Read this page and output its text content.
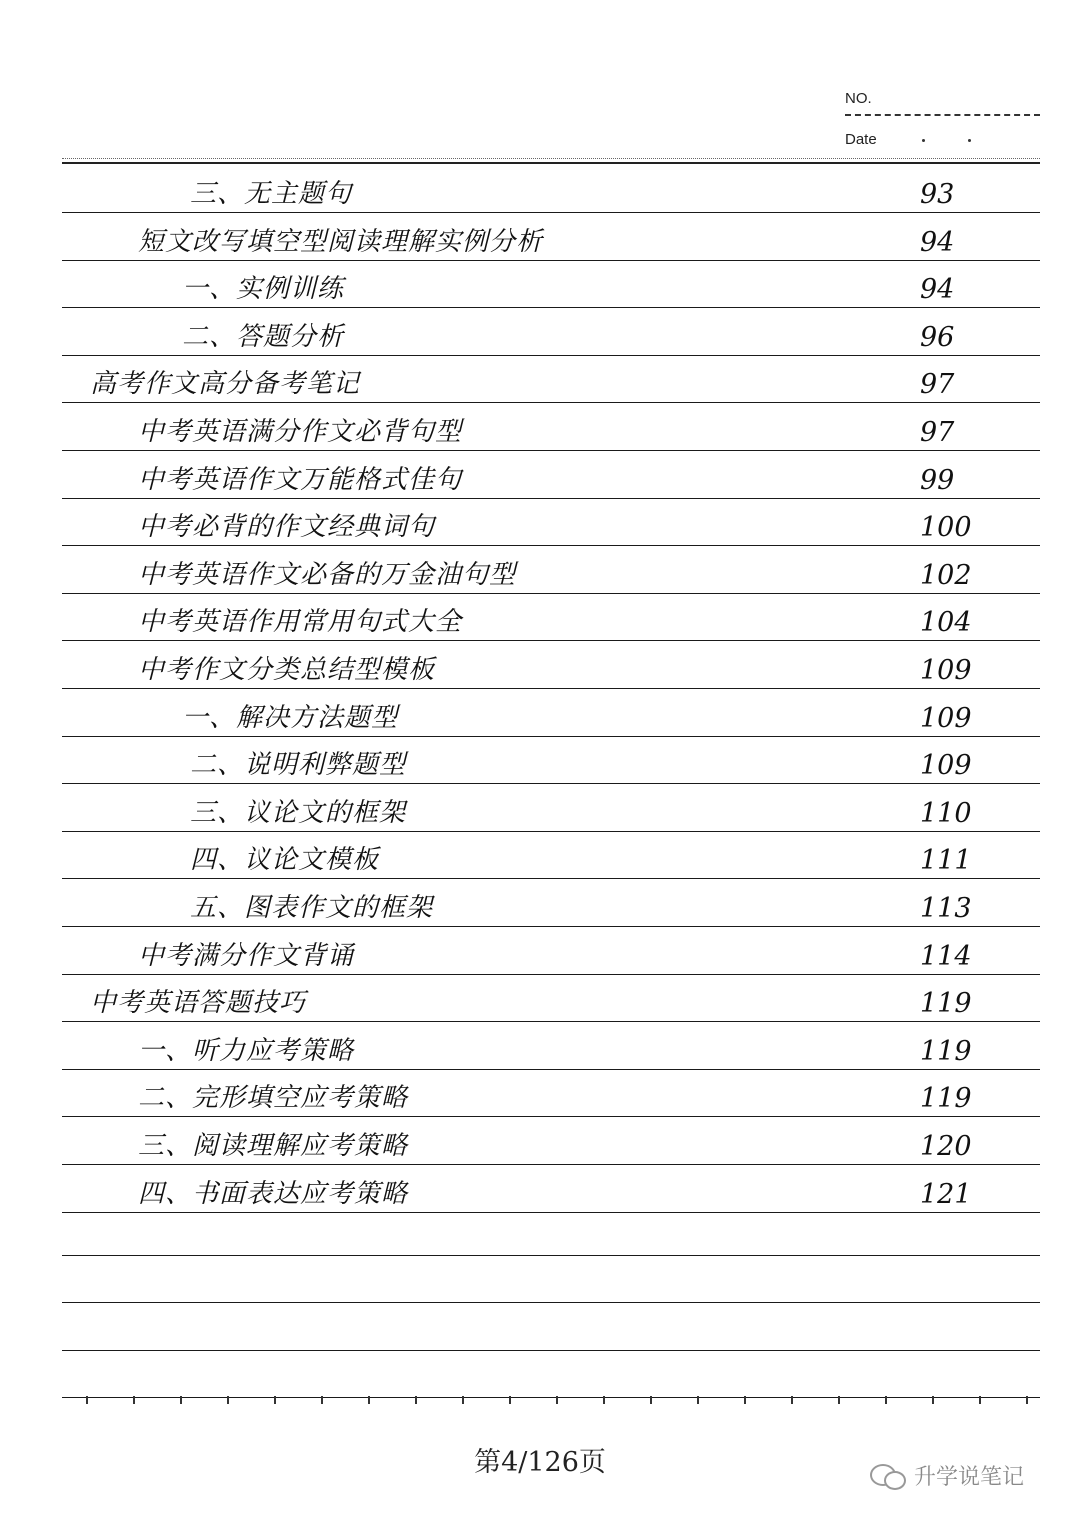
NO.
Date
三、无主题句	93
短文改写填空型阅读理解实例分析	94
一、实例训练	94
二、答题分析	96
高考作文高分备考笔记	97
中考英语满分作文必背句型	97
中考英语作文万能格式佳句	99
中考必背的作文经典词句	100
中考英语作文必备的万金油句型	102
中考英语作用常用句式大全	104
中考作文分类总结型模板	109
一、解决方法题型	109
二、说明利弊题型	109
三、议论文的框架	110
四、议论文模板	111
五、图表作文的框架	113
中考满分作文背诵	114
中考英语答题技巧	119
一、听力应考策略	119
二、完形填空应考策略	119
三、阅读理解应考策略	120
四、书面表达应考策略	121
第4/126页	升学说笔记
